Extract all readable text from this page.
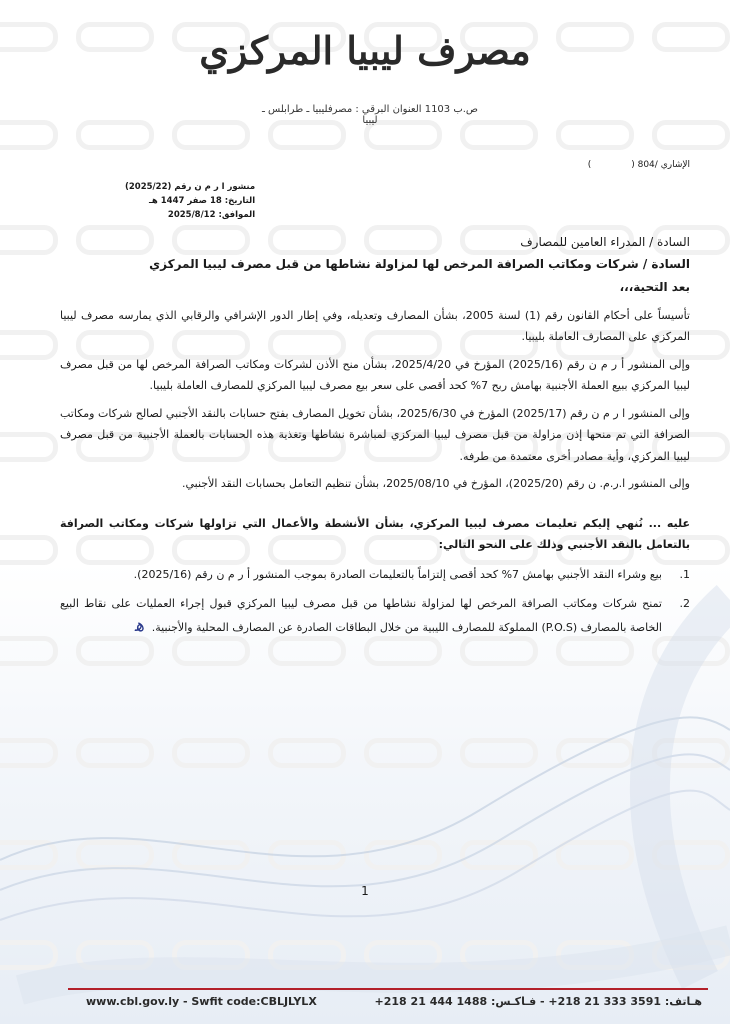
مصرف ليبيا المركزي
ص.ب 1103 العنوان البرقي : مصرفليبيا ـ طرابلس ـ ليبيا
الإشاري /804 ()
منشور ا ر م ن رقم (2025/22)
التاريخ: 18 صفر 1447 هـ
الموافق: 2025/8/12

السادة / المدراء العامين للمصارف

السادة / شركات ومكاتب الصرافة المرخص لها لمزاولة نشاطها من قبل مصرف ليبيا المركزي

بعد التحية،،،

تأسيساً على أحكام القانون رقم (1) لسنة 2005، بشأن المصارف وتعديله، وفي إطار الدور الإشرافي والرقابي الذي يمارسه مصرف ليبيا المركزي على المصارف العاملة بليبيا.

وإلى المنشور أ ر م ن رقم (2025/16) المؤرخ في 2025/4/20، بشأن منح الأذن لشركات ومكاتب الصرافة المرخص لها من قبل مصرف ليبيا المركزي ببيع العملة الأجنبية بهامش ربح 7% كحد أقصى على سعر بيع مصرف ليبيا المركزي للمصارف العاملة بليبيا.

وإلى المنشور ا ر م ن رقم (2025/17) المؤرخ في 2025/6/30، بشأن تخويل المصارف بفتح حسابات بالنقد الأجنبي لصالح شركات ومكاتب الصرافة التي تم منحها إذن مزاولة من قبل مصرف ليبيا المركزي لمباشرة نشاطها وتغذية هذه الحسابات بالعملة الأجنبية من قبل مصرف ليبيا المركزي، وأية مصادر أخرى معتمدة من طرفه.

وإلى المنشور ا.ر.م. ن رقم (2025/20)، المؤرخ في 2025/08/10، بشأن تنظيم التعامل بحسابات النقد الأجنبي.

عليه ... نُنهي إليكم تعليمات مصرف ليبيا المركزي، بشأن الأنشطة والأعمال التي تزاولها شركات ومكاتب الصرافة بالتعامل بالنقد الأجنبي وذلك على النحو التالي:

1.
بيع وشراء النقد الأجنبي بهامش 7% كحد أقصى إلتزاماً بالتعليمات الصادرة بموجب المنشور أ ر م ن رقم (2025/16).
2.
تمنح شركات ومكاتب الصرافة المرخص لها لمزاولة نشاطها من قبل مصرف ليبيا المركزي قبول إجراء العمليات على نقاط البيع الخاصة بالمصارف (P.O.S) المملوكة للمصارف الليبية من خلال البطاقات الصادرة عن المصارف المحلية والأجنبية. ﻫ
1
www.cbl.gov.ly - Swfit code:CBLJLYLX	هـاتف: 3591 333 21 218+ - فـاكـس: 1488 444 21 218+
